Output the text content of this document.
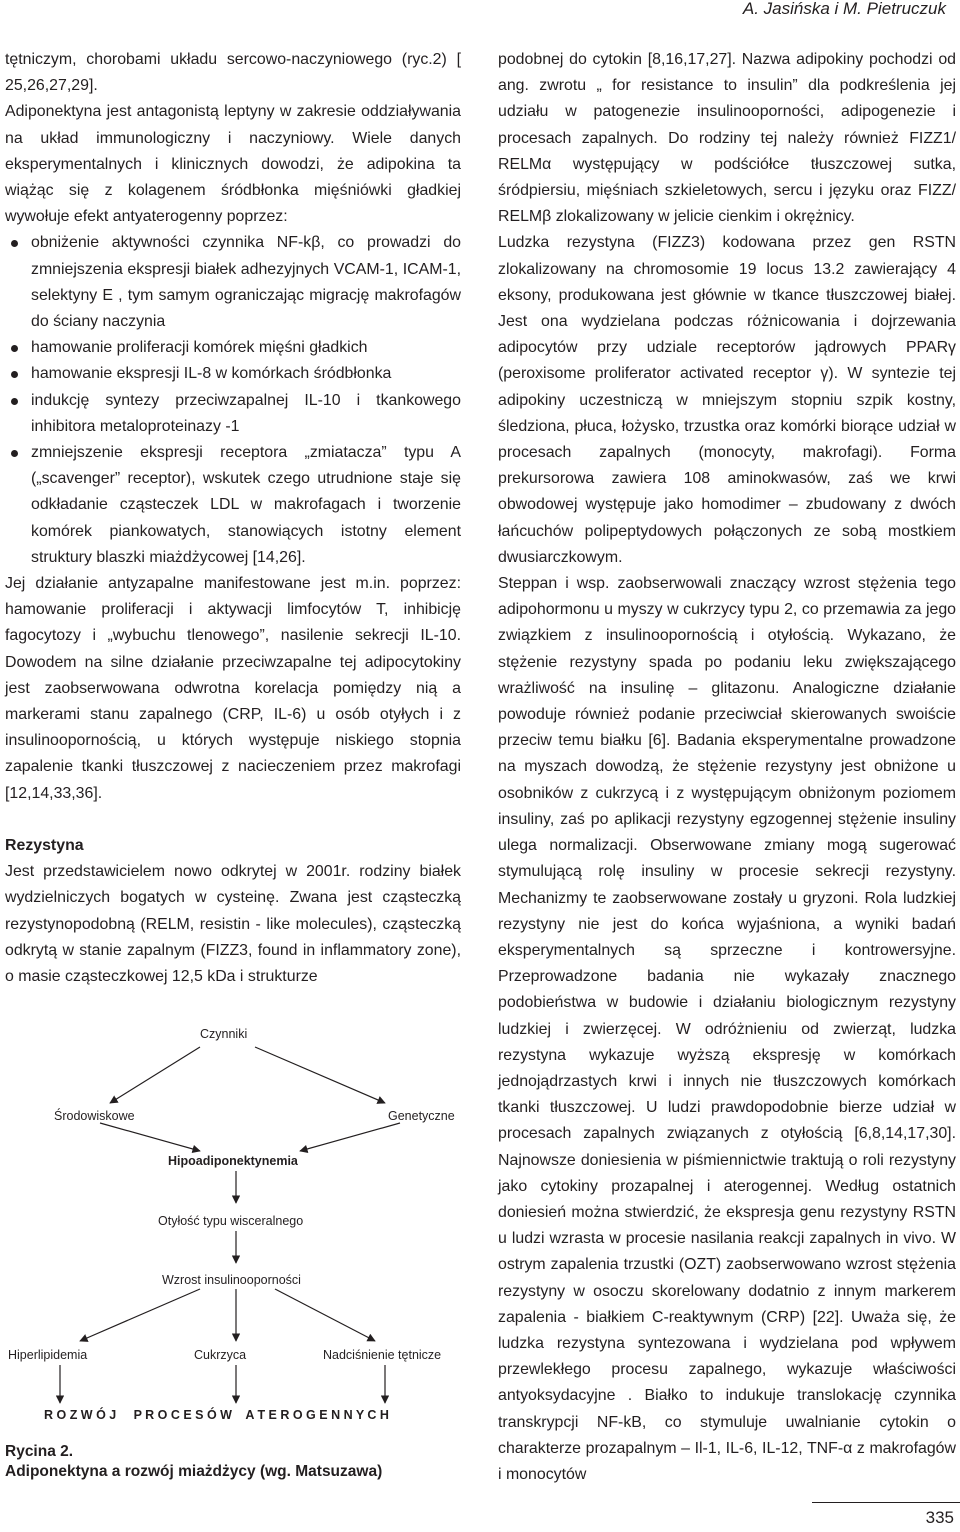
A. Jasińska i M. Pietruczuk
tętniczym, chorobami układu sercowo-naczyniowego (ryc.2) [ 25,26,27,29].
Adiponektyna jest antagonistą leptyny w zakresie oddziaływania na układ immunologiczny i naczyniowy. Wiele danych eksperymentalnych i klinicznych dowodzi, że adipokina ta wiążąc się z kolagenem śródbłonka mięśniówki gładkiej wywołuje efekt antyaterogenny poprzez:
obniżenie aktywności czynnika NF-kβ, co prowadzi do zmniejszenia ekspresji białek adhezyjnych VCAM-1, ICAM-1, selektyny E , tym samym ograniczając migrację makrofagów do ściany naczynia
hamowanie proliferacji komórek mięśni gładkich
hamowanie ekspresji IL-8 w komórkach śródbłonka
indukcję syntezy przeciwzapalnej IL-10 i tkankowego inhibitora metaloproteinazy -1
zmniejszenie ekspresji receptora „zmiatacza” typu A („scavenger” receptor), wskutek czego utrudnione staje się odkładanie cząsteczek LDL w makrofagach i tworzenie komórek piankowatych, stanowiących istotny element struktury blaszki miażdżycowej [14,26].
Jej działanie antyzapalne manifestowane jest m.in. poprzez: hamowanie proliferacji i aktywacji limfocytów T, inhibicję fagocytozy i „wybuchu tlenowego”, nasilenie sekrecji IL-10. Dowodem na silne działanie przeciwzapalne tej adipocytokiny jest zaobserwowana odwrotna korelacja pomiędzy nią a markerami stanu zapalnego (CRP, IL-6) u osób otyłych i z insulinoopornością, u których występuje niskiego stopnia zapalenie tkanki tłuszczowej z nacieczeniem przez makrofagi [12,14,33,36].
Rezystyna
Jest przedstawicielem nowo odkrytej w 2001r. rodziny białek wydzielniczych bogatych w cysteinę. Zwana jest cząsteczką rezystynopodobną (RELM, resistin - like molecules), cząsteczką odkrytą w stanie zapalnym (FIZZ3, found in inflammatory zone), o masie cząsteczkowej 12,5 kDa i strukturze
Czynniki
Środowiskowe	Genetyczne
Hipoadiponektynemia
Otyłość typu wisceralnego
Wzrost insulinooporności
Hiperlipidemia	Cukrzyca	Nadciśnienie tętnicze
R O Z W Ó J     P R O C E S Ó W    A T E R O G E N N Y C H
Rycina 2.
Adiponektyna a rozwój miażdżycy (wg. Matsuzawa)
podobnej do cytokin [8,16,17,27]. Nazwa adipokiny pochodzi od ang. zwrotu „ for resistance to insulin” dla podkreślenia jej udziału w patogenezie insulinooporności, adipogenezie i procesach zapalnych. Do rodziny tej należy również FIZZ1/ RELMα występujący w podściółce tłuszczowej sutka, śródpiersiu, mięśniach szkieletowych, sercu i języku oraz FIZZ/ RELMβ zlokalizowany w jelicie cienkim i okrężnicy.
Ludzka rezystyna (FIZZ3) kodowana przez gen RSTN zlokalizowany na chromosomie 19 locus 13.2 zawierający 4 eksony, produkowana jest głównie w tkance tłuszczowej białej. Jest ona wydzielana podczas różnicowania i dojrzewania adipocytów przy udziale receptorów jądrowych PPARγ (peroxisome proliferator activated receptor γ). W syntezie tej adipokiny uczestniczą w mniejszym stopniu szpik kostny, śledziona, płuca, łożysko, trzustka oraz komórki biorące udział w procesach zapalnych (monocyty, makrofagi). Forma prekursorowa zawiera 108 aminokwasów, zaś we krwi obwodowej występuje jako homodimer – zbudowany z dwóch łańcuchów polipeptydowych połączonych ze sobą mostkiem dwusiarczkowym.
Steppan i wsp. zaobserwowali znaczący wzrost stężenia tego adipohormonu u myszy w cukrzycy typu 2, co przemawia za jego związkiem z insulinoopornością i otyłością. Wykazano, że stężenie rezystyny spada po podaniu leku zwiększającego wrażliwość na insulinę – glitazonu. Analogiczne działanie powoduje również podanie przeciwciał skierowanych swoiście przeciw temu białku [6]. Badania eksperymentalne prowadzone na myszach dowodzą, że stężenie rezystyny jest obniżone u osobników z cukrzycą i z występującym obniżonym poziomem insuliny, zaś po aplikacji rezystyny egzogennej stężenie insuliny ulega normalizacji. Obserwowane zmiany mogą sugerować stymulującą rolę insuliny w procesie sekrecji rezystyny. Mechanizmy te zaobserwowane zostały u gryzoni. Rola ludzkiej rezystyny nie jest do końca wyjaśniona, a wyniki badań eksperymentalnych są sprzeczne i kontrowersyjne. Przeprowadzone badania nie wykazały znacznego podobieństwa w budowie i działaniu biologicznym rezystyny ludzkiej i zwierzęcej. W odróżnieniu od zwierząt, ludzka rezystyna wykazuje wyższą ekspresję w komórkach jednojądrzastych krwi i innych nie tłuszczowych komórkach tkanki tłuszczowej. U ludzi prawdopodobnie bierze udział w procesach zapalnych związanych z otyłością [6,8,14,17,30]. Najnowsze doniesienia w piśmiennictwie traktują o roli rezystyny jako cytokiny prozapalnej i aterogennej. Według ostatnich doniesień można stwierdzić, że ekspresja genu rezystyny RSTN u ludzi wzrasta w procesie nasilania reakcji zapalnych in vivo. W ostrym zapalenia trzustki (OZT) zaobserwowano wzrost stężenia rezystyny w osoczu skorelowany dodatnio z innym markerem zapalenia - białkiem C-reaktywnym (CRP) [22]. Uważa się, że ludzka rezystyna syntezowana i wydzielana pod wpływem przewlekłego procesu zapalnego, wykazuje właściwości antyoksydacyjne . Białko to indukuje translokację czynnika transkrypcji NF-kB, co stymuluje uwalnianie cytokin o charakterze prozapalnym – Il-1, IL-6, IL-12, TNF-α z makrofagów i monocytów
335
